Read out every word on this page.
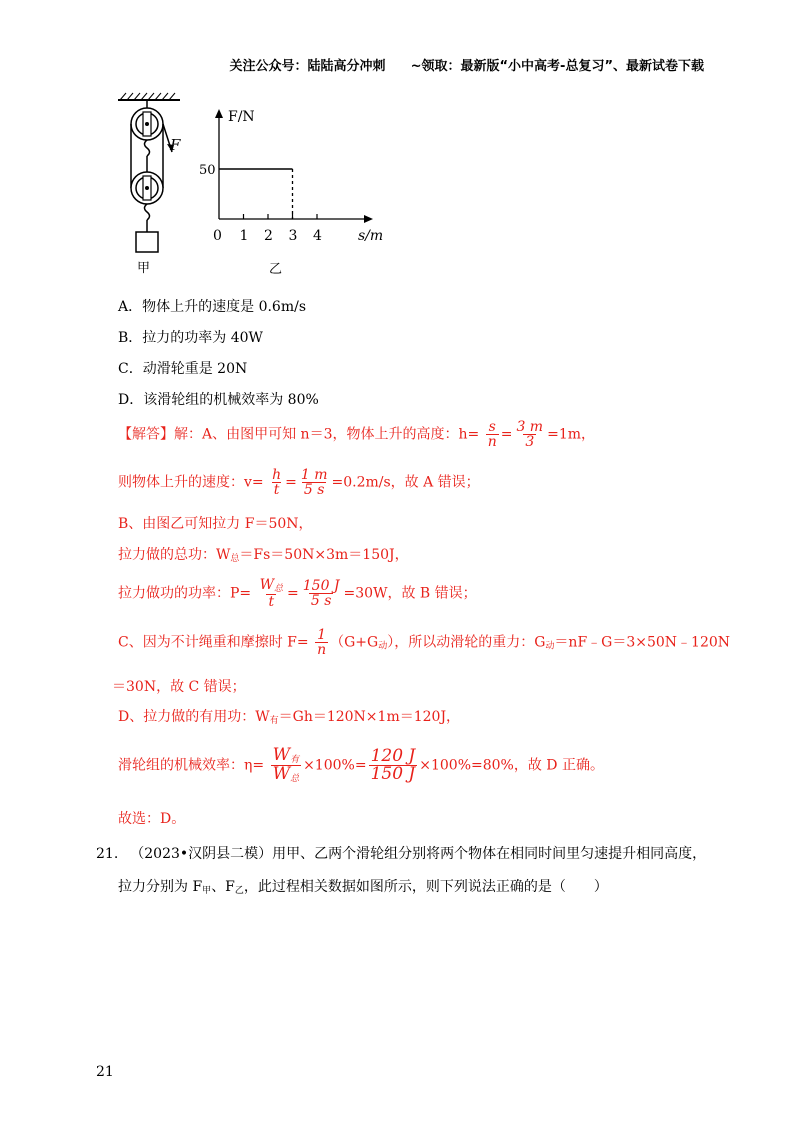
关注公众号：陆陆高分冲刺 ~领取：最新版“小中高考-总复习”、最新试卷下载
F
甲
F/N
s/m
50
0 1 2 3 4
乙
A．物体上升的速度是 0.6m/s
B．拉力的功率为 40W
C．动滑轮重是 20N
D．该滑轮组的机械效率为 80%
【解答】解：A、由图甲可知 n＝3，物体上升的高度：$h= \frac{s}{n} = \frac{3 m}{3} =1m$，
则物体上升的速度：$v= \frac{h}{t} = \frac{1 m}{5 s} =0.2m/s$，故 A 错误；
B、由图乙可知拉力 F＝50N，
拉力做的总功：$W_总=Fs=50N\times 3m=150J$，
拉力做功的功率：$P= \frac{W_总}{t} = \frac{150 J}{5 s} =30W$，故 B 错误；
C、因为不计绳重和摩擦时 $F= \frac{1}{n} (G+G_动)$，所以动滑轮的重力：$G_动=nF﹣G=3\times 50N﹣120N$
＝30N，故 C 错误；
D、拉力做的有用功：$W_有=Gh=120N\times 1m=120J$，
滑轮组的机械效率：$\eta= \frac{W_有}{W_总} \times 100\%= \frac{120 J}{150 J} \times 100\%=80\%$，故 D 正确。
故选：D。
21. （2023•汉阴县二模）用甲、乙两个滑轮组分别将两个物体在相同时间里匀速提升相同高度，
拉力分别为 $F_甲$、$F_乙$，此过程相关数据如图所示，则下列说法正确的是（　　）
21
